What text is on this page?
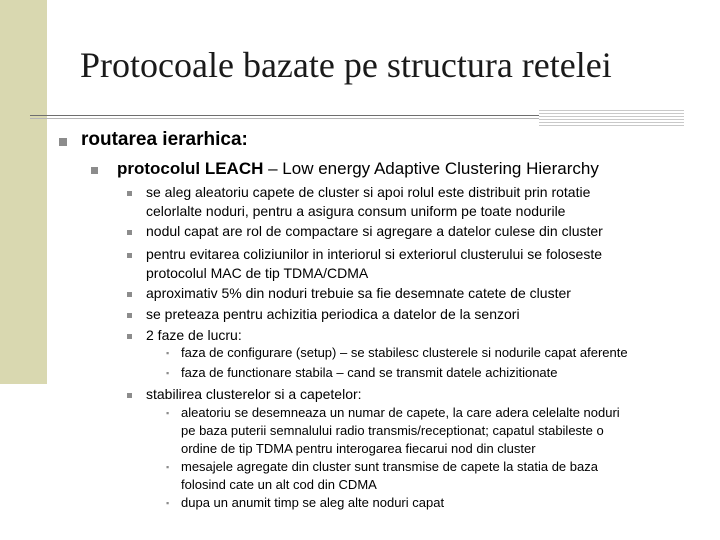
Protocoale bazate pe structura retelei
routarea ierarhica:
protocolul LEACH – Low energy Adaptive Clustering Hierarchy
se aleg aleatoriu capete de cluster si apoi rolul este distribuit prin rotatie
celorlalte noduri, pentru a asigura consum uniform pe toate nodurile
nodul capat are rol de compactare si agregare a datelor culese din cluster
pentru evitarea coliziunilor in interiorul si exteriorul clusterului se foloseste
protocolul MAC de tip TDMA/CDMA
aproximativ 5% din noduri trebuie sa fie desemnate catete de cluster
se preteaza pentru achizitia periodica a datelor de la senzori
2 faze de lucru:
▪ faza de configurare (setup) – se stabilesc clusterele si nodurile capat aferente
▪ faza de functionare stabila – cand se transmit datele achizitionate
stabilirea clusterelor si a capetelor:
▪ aleatoriu se desemneaza un numar de capete, la care adera celelalte noduri
pe baza puterii semnalului radio transmis/receptionat; capatul stabileste o
ordine de tip TDMA pentru interogarea fiecarui nod din cluster
▪ mesajele agregate din cluster sunt transmise de capete la statia de baza
folosind cate un alt cod din CDMA
▪ dupa un anumit timp se aleg alte noduri capat
